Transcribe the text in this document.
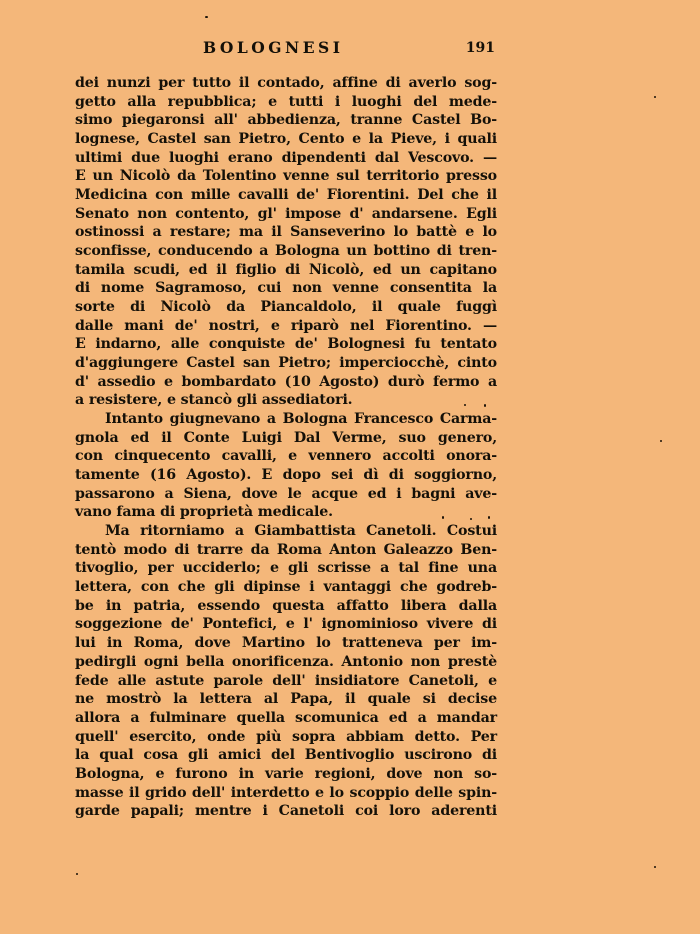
BOLOGNESI	191
dei nunzi per tutto il contado, affine di averlo sog-
getto alla repubblica; e tutti i luoghi del mede-
simo piegaronsi all' abbedienza, tranne Castel Bo-
lognese, Castel san Pietro, Cento e la Pieve, i quali
ultimi due luoghi erano dipendenti dal Vescovo. —
E un Nicolò da Tolentino venne sul territorio presso
Medicina con mille cavalli de' Fiorentini. Del che il
Senato non contento, gl' impose d' andarsene. Egli
ostinossi a restare; ma il Sanseverino lo battè e lo
sconfisse, conducendo a Bologna un bottino di tren-
tamila scudi, ed il figlio di Nicolò, ed un capitano
di nome Sagramoso, cui non venne consentita la
sorte di Nicolò da Piancaldolo, il quale fuggì
dalle mani de' nostri, e riparò nel Fiorentino. —
E indarno, alle conquiste de' Bolognesi fu tentato
d'aggiungere Castel san Pietro; imperciocchè, cinto
d' assedio e bombardato (10 Agosto) durò fermo a
a resistere, e stancò gli assediatori.
Intanto giugnevano a Bologna Francesco Carma-
gnola ed il Conte Luigi Dal Verme, suo genero,
con cinquecento cavalli, e vennero accolti onora-
tamente (16 Agosto). E dopo sei dì di soggiorno,
passarono a Siena, dove le acque ed i bagni ave-
vano fama di proprietà medicale.
Ma ritorniamo a Giambattista Canetoli. Costui
tentò modo di trarre da Roma Anton Galeazzo Ben-
tivoglio, per ucciderlo; e gli scrisse a tal fine una
lettera, con che gli dipinse i vantaggi che godreb-
be in patria, essendo questa affatto libera dalla
soggezione de' Pontefici, e l' ignominioso vivere di
lui in Roma, dove Martino lo tratteneva per im-
pedirgli ogni bella onorificenza. Antonio non prestè
fede alle astute parole dell' insidiatore Canetoli, e
ne mostrò la lettera al Papa, il quale si decise
allora a fulminare quella scomunica ed a mandar
quell' esercito, onde più sopra abbiam detto. Per
la qual cosa gli amici del Bentivoglio uscirono di
Bologna, e furono in varie regioni, dove non so-
masse il grido dell' interdetto e lo scoppio delle spin-
garde papali; mentre i Canetoli coi loro aderenti
